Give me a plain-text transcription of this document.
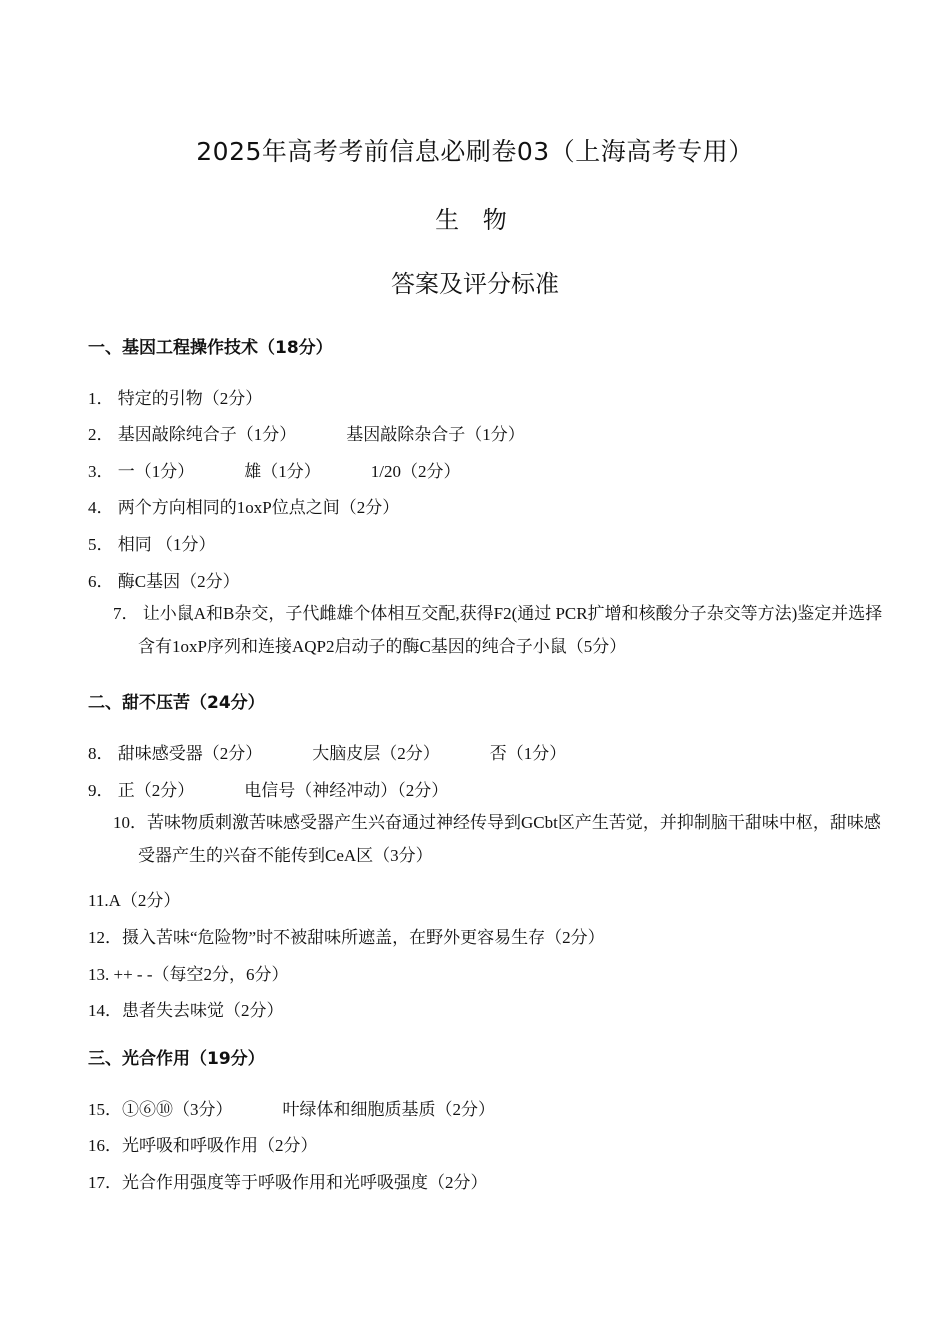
2025年高考考前信息必刷卷03（上海高考专用）
生 物
答案及评分标准
一、基因工程操作技术（18分）
1． 特定的引物（2分）
2． 基因敲除纯合子（1分）	基因敲除杂合子（1分）
3． 一（1分）	雄（1分）	1/20（2分）
4． 两个方向相同的1oxP位点之间（2分）
5． 相同 （1分）
6． 酶C基因（2分）
7． 让小鼠A和B杂交，子代雌雄个体相互交配,获得F2(通过 PCR扩增和核酸分子杂交等方法)鉴定并选择含有1oxP序列和连接AQP2启动子的酶C基因的纯合子小鼠（5分）
二、甜不压苦（24分）
8． 甜味感受器（2分）	大脑皮层（2分）	否（1分）
9． 正（2分）	电信号（神经冲动）（2分）
10．苦味物质刺激苦味感受器产生兴奋通过神经传导到GCbt区产生苦觉，并抑制脑干甜味中枢，甜味感受器产生的兴奋不能传到CeA区（3分）
11.A（2分）
12．摄入苦味“危险物”时不被甜味所遮盖，在野外更容易生存（2分）
13. ++ - -（每空2分，6分）
14．患者失去味觉（2分）
三、光合作用（19分）
15．①⑥⑩（3分）	叶绿体和细胞质基质（2分）
16．光呼吸和呼吸作用（2分）
17．光合作用强度等于呼吸作用和光呼吸强度（2分）
